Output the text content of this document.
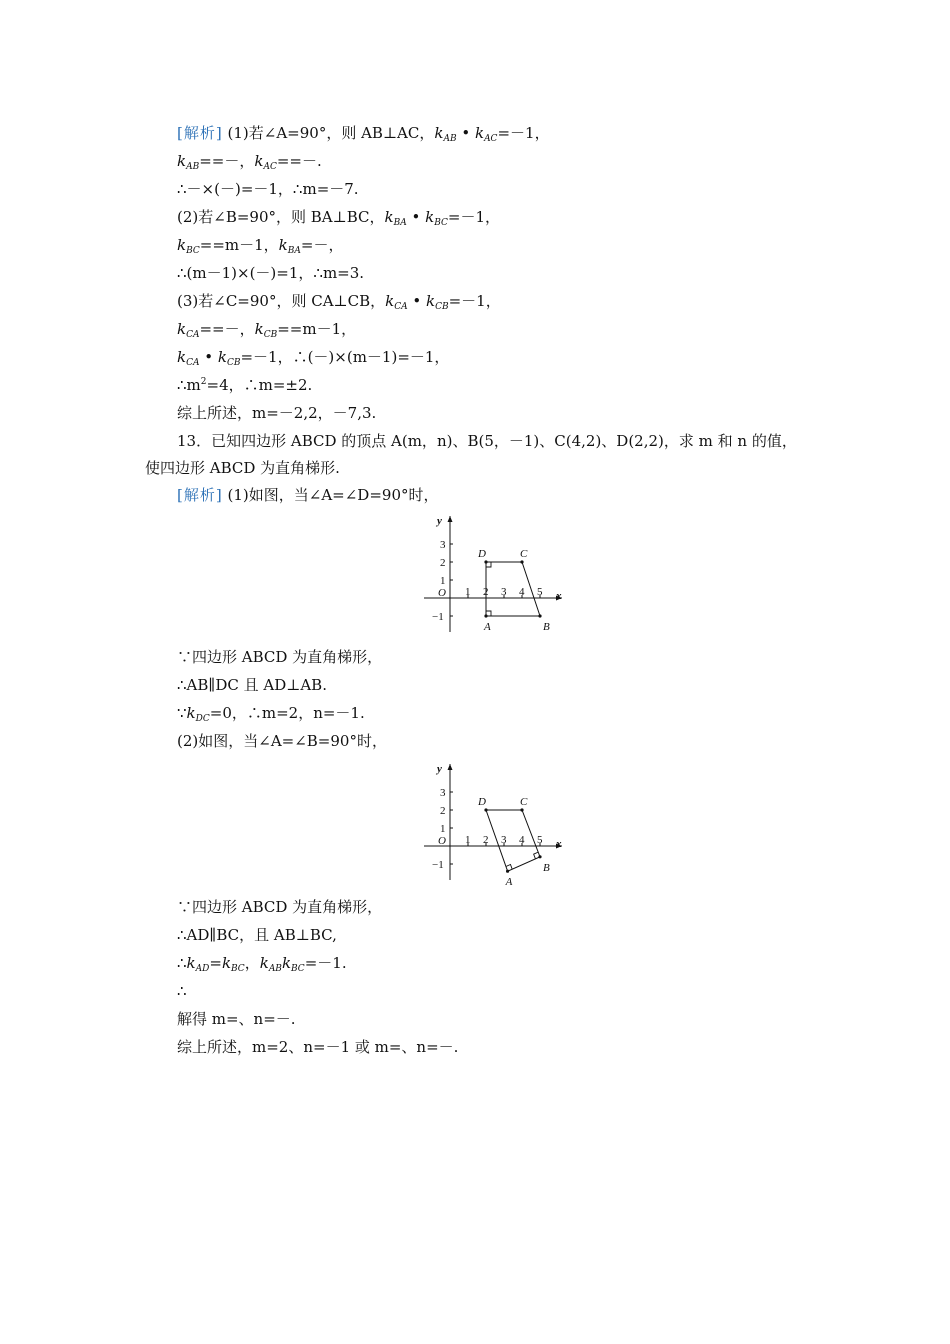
[ 解析 ] (1)若∠A=90°，则 AB⊥AC，$k_{AB}$ • $k_{AC}=-1$，
$k_{AB}==-$，$k_{AC}==-$.
∴－×(－)=－1，∴m=－7.
(2)若∠B=90°，则 BA⊥BC，$k_{BA}$ • $k_{BC}=-1$，
$k_{BC}==m-1$，$k_{BA}=-$，
∴(m－1)×(－)=1，∴m=3.
(3)若∠C=90°，则 CA⊥CB，$k_{CA}$ • $k_{CB}=-1$，
$k_{CA}==-$，$k_{CB}==m-1$，
$k_{CA}$ • $k_{CB}=-1$，∴(－)×(m－1)=－1，
$\therefore m^2=4$，∴m=±2.
综上所述，m=－2,2，－7,3.
13．已知四边形 ABCD 的顶点 A(m，n)、B(5，－1)、C(4,2)、D(2,2)，求 m 和 n 的值，
使四边形 ABCD 为直角梯形.
[ 解析 ] (1)如图，当∠A=∠D=90°时，
x
y
O 1 2 3 4 5
3
2
1
−1
A	B
C
D
∵四边形 ABCD 为直角梯形，
∴AB∥DC 且 AD⊥AB.
$\because k_{DC}=0$，∴m=2，n=－1.
(2)如图，当∠A=∠B=90°时，
x
y
O 1 2 3 4 5
3
2
1
−1
A
B
C
D
∵四边形 ABCD 为直角梯形，
∴AD∥BC，且 AB⊥BC,
$\therefore k_{AD}=k_{BC}$，$k_{AB}k_{BC}=-1$.
∴
解得 m=、n=－.
综上所述，m=2、n=－1 或 m=、n=－.
